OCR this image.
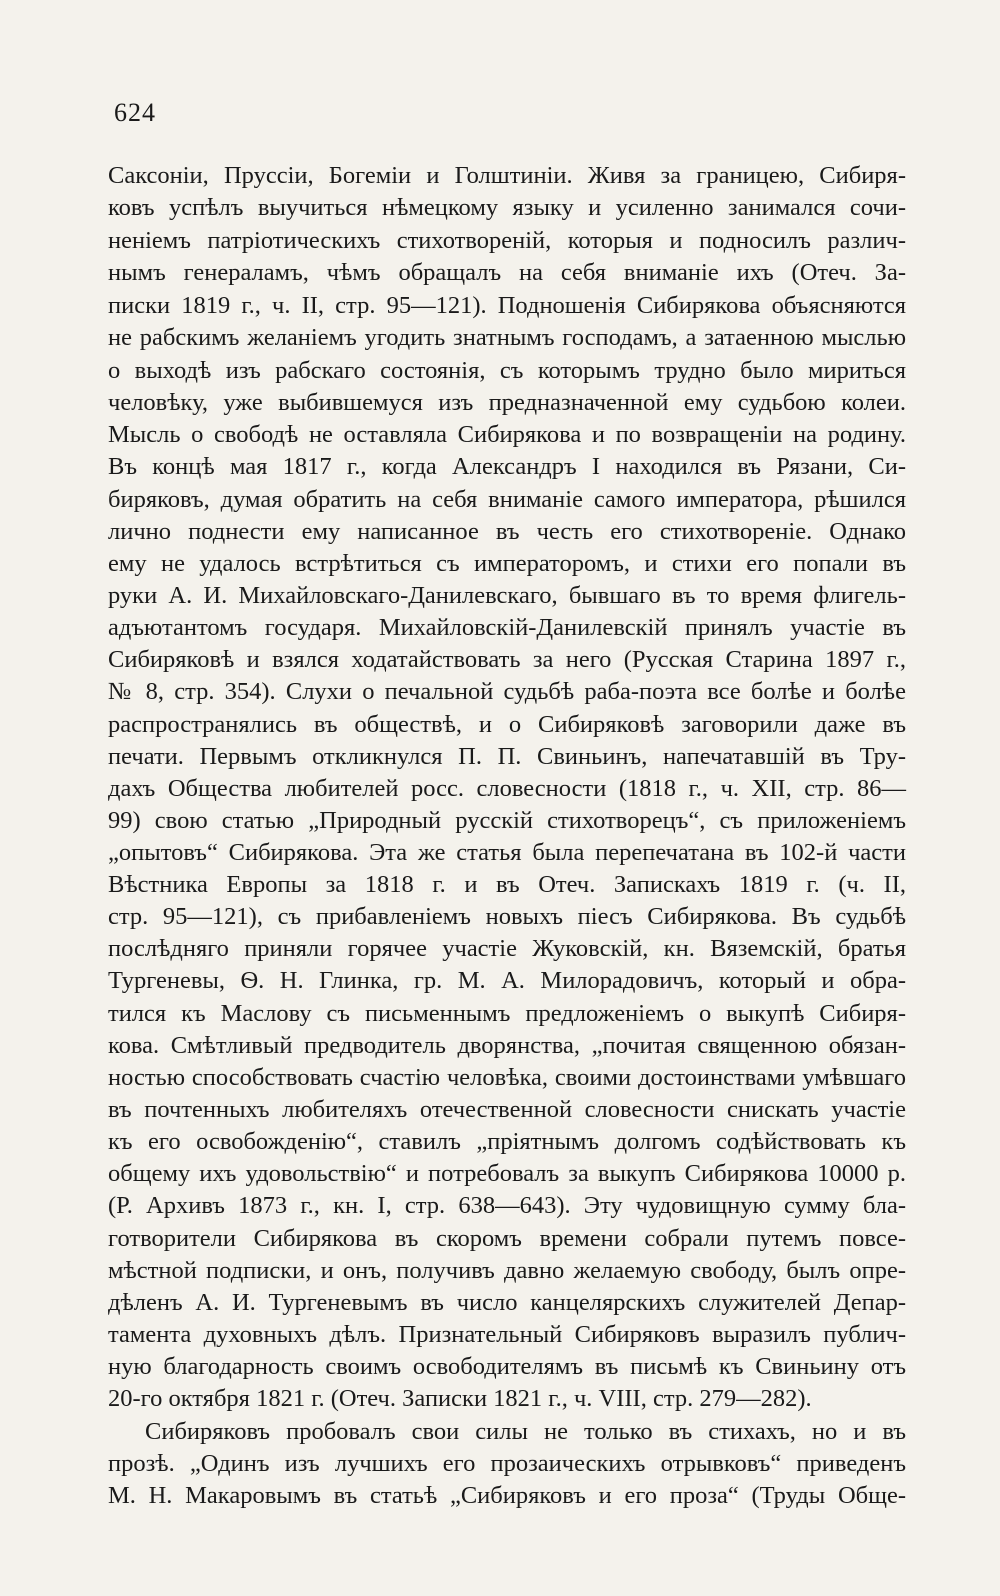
624
Саксоніи, Пруссіи, Богеміи и Голштиніи. Живя за границею, Сибиря-
ковъ успѣлъ выучиться нѣмецкому языку и усиленно занимался сочи-
неніемъ патріотическихъ стихотвореній, которыя и подносилъ различ-
нымъ генераламъ, чѣмъ обращалъ на себя вниманіе ихъ (Отеч. За-
писки 1819 г., ч. II, стр. 95—121). Подношенія Сибирякова объясняются
не рабскимъ желаніемъ угодить знатнымъ господамъ, а затаенною мыслью
о выходѣ изъ рабскаго состоянія, съ которымъ трудно было мириться
человѣку, уже выбившемуся изъ предназначенной ему судьбою колеи.
Мысль о свободѣ не оставляла Сибирякова и по возвращеніи на родину.
Въ концѣ мая 1817 г., когда Александръ I находился въ Рязани, Си-
биряковъ, думая обратить на себя вниманіе самого императора, рѣшился
лично поднести ему написанное въ честь его стихотвореніе. Однако
ему не удалось встрѣтиться съ императоромъ, и стихи его попали въ
руки А. И. Михайловскаго-Данилевскаго, бывшаго въ то время флигель-
адъютантомъ государя. Михайловскій-Данилевскій принялъ участіе въ
Сибиряковѣ и взялся ходатайствовать за него (Русская Старина 1897 г.,
№ 8, стр. 354). Слухи о печальной судьбѣ раба-поэта все болѣе и болѣе
распространялись въ обществѣ, и о Сибиряковѣ заговорили даже въ
печати. Первымъ откликнулся П. П. Свиньинъ, напечатавшій въ Тру-
дахъ Общества любителей росс. словесности (1818 г., ч. XII, стр. 86—
99) свою статью „Природный русскій стихотворецъ“, съ приложеніемъ
„опытовъ“ Сибирякова. Эта же статья была перепечатана въ 102-й части
Вѣстника Европы за 1818 г. и въ Отеч. Запискахъ 1819 г. (ч. II,
стр. 95—121), съ прибавленіемъ новыхъ піесъ Сибирякова. Въ судьбѣ
послѣдняго приняли горячее участіе Жуковскій, кн. Вяземскій, братья
Тургеневы, Ѳ. Н. Глинка, гр. М. А. Милорадовичъ, который и обра-
тился къ Маслову съ письменнымъ предложеніемъ о выкупѣ Сибиря-
кова. Смѣтливый предводитель дворянства, „почитая священною обязан-
ностью способствовать счастію человѣка, своими достоинствами умѣвшаго
въ почтенныхъ любителяхъ отечественной словесности снискать участіе
къ его освобожденію“, ставилъ „пріятнымъ долгомъ содѣйствовать къ
общему ихъ удовольствію“ и потребовалъ за выкупъ Сибирякова 10000 р.
(Р. Архивъ 1873 г., кн. I, стр. 638—643). Эту чудовищную сумму бла-
готворители Сибирякова въ скоромъ времени собрали путемъ повсе-
мѣстной подписки, и онъ, получивъ давно желаемую свободу, былъ опре-
дѣленъ А. И. Тургеневымъ въ число канцелярскихъ служителей Депар-
тамента духовныхъ дѣлъ. Признательный Сибиряковъ выразилъ публич-
ную благодарность своимъ освободителямъ въ письмѣ къ Свиньину отъ
20-го октября 1821 г. (Отеч. Записки 1821 г., ч. VIII, стр. 279—282).
Сибиряковъ пробовалъ свои силы не только въ стихахъ, но и въ
прозѣ. „Одинъ изъ лучшихъ его прозаическихъ отрывковъ“ приведенъ
М. Н. Макаровымъ въ статьѣ „Сибиряковъ и его проза“ (Труды Обще-
